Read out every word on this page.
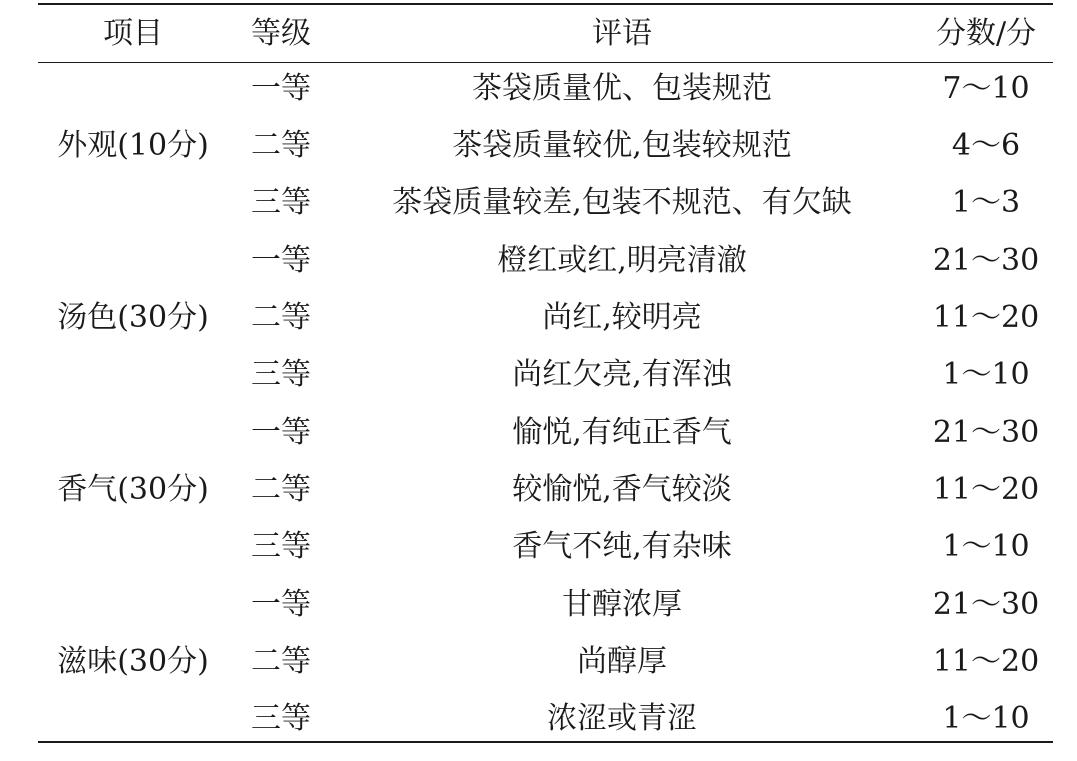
项目	等级	评语	分数/分
外观(10分)
一等	茶袋质量优、包装规范	7～10
二等	茶袋质量较优,包装较规范	4～6
三等	茶袋质量较差,包装不规范、有欠缺	1～3
汤色(30分)
一等	橙红或红,明亮清澈	21～30
二等	尚红,较明亮	11～20
三等	尚红欠亮,有浑浊	1～10
香气(30分)
一等	愉悦,有纯正香气	21～30
二等	较愉悦,香气较淡	11～20
三等	香气不纯,有杂味	1～10
滋味(30分)
一等	甘醇浓厚	21～30
二等	尚醇厚	11～20
三等	浓涩或青涩	1～10
